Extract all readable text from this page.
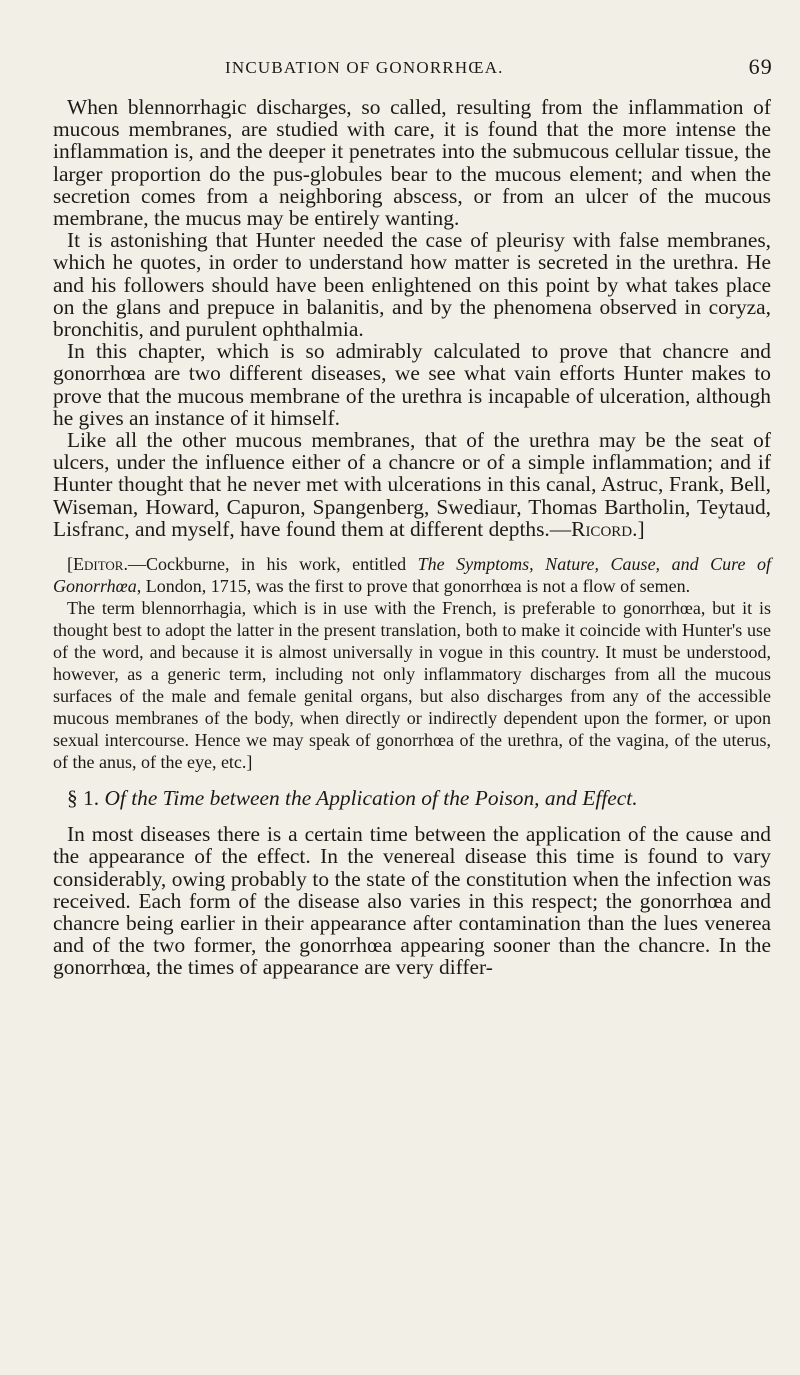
INCUBATION OF GONORRHŒA.	69

When blennorrhagic discharges, so called, resulting from the inflammation of mucous membranes, are studied with care, it is found that the more intense the inflammation is, and the deeper it penetrates into the submucous cellular tissue, the larger proportion do the pus-globules bear to the mucous element; and when the secretion comes from a neighboring abscess, or from an ulcer of the mucous membrane, the mucus may be entirely wanting.

It is astonishing that Hunter needed the case of pleurisy with false membranes, which he quotes, in order to understand how matter is secreted in the urethra. He and his followers should have been enlightened on this point by what takes place on the glans and prepuce in balanitis, and by the phenomena observed in coryza, bronchitis, and purulent ophthalmia.

In this chapter, which is so admirably calculated to prove that chancre and gonorrhœa are two different diseases, we see what vain efforts Hunter makes to prove that the mucous membrane of the urethra is incapable of ulceration, although he gives an instance of it himself.

Like all the other mucous membranes, that of the urethra may be the seat of ulcers, under the influence either of a chancre or of a simple inflammation; and if Hunter thought that he never met with ulcerations in this canal, Astruc, Frank, Bell, Wiseman, Howard, Capuron, Spangenberg, Swediaur, Thomas Bartholin, Teytaud, Lisfranc, and myself, have found them at different depths.—Ricord.]

[Editor.—Cockburne, in his work, entitled The Symptoms, Nature, Cause, and Cure of Gonorrhœa, London, 1715, was the first to prove that gonorrhœa is not a flow of semen.

The term blennorrhagia, which is in use with the French, is preferable to gonorrhœa, but it is thought best to adopt the latter in the present translation, both to make it coincide with Hunter's use of the word, and because it is almost universally in vogue in this country. It must be understood, however, as a generic term, including not only inflammatory discharges from all the mucous surfaces of the male and female genital organs, but also discharges from any of the accessible mucous membranes of the body, when directly or indirectly dependent upon the former, or upon sexual intercourse. Hence we may speak of gonorrhœa of the urethra, of the vagina, of the uterus, of the anus, of the eye, etc.]

§ 1. Of the Time between the Application of the Poison, and Effect.

In most diseases there is a certain time between the application of the cause and the appearance of the effect. In the venereal disease this time is found to vary considerably, owing probably to the state of the constitution when the infection was received. Each form of the disease also varies in this respect; the gonorrhœa and chancre being earlier in their appearance after contamination than the lues venerea and of the two former, the gonorrhœa appearing sooner than the chancre. In the gonorrhœa, the times of appearance are very differ-
